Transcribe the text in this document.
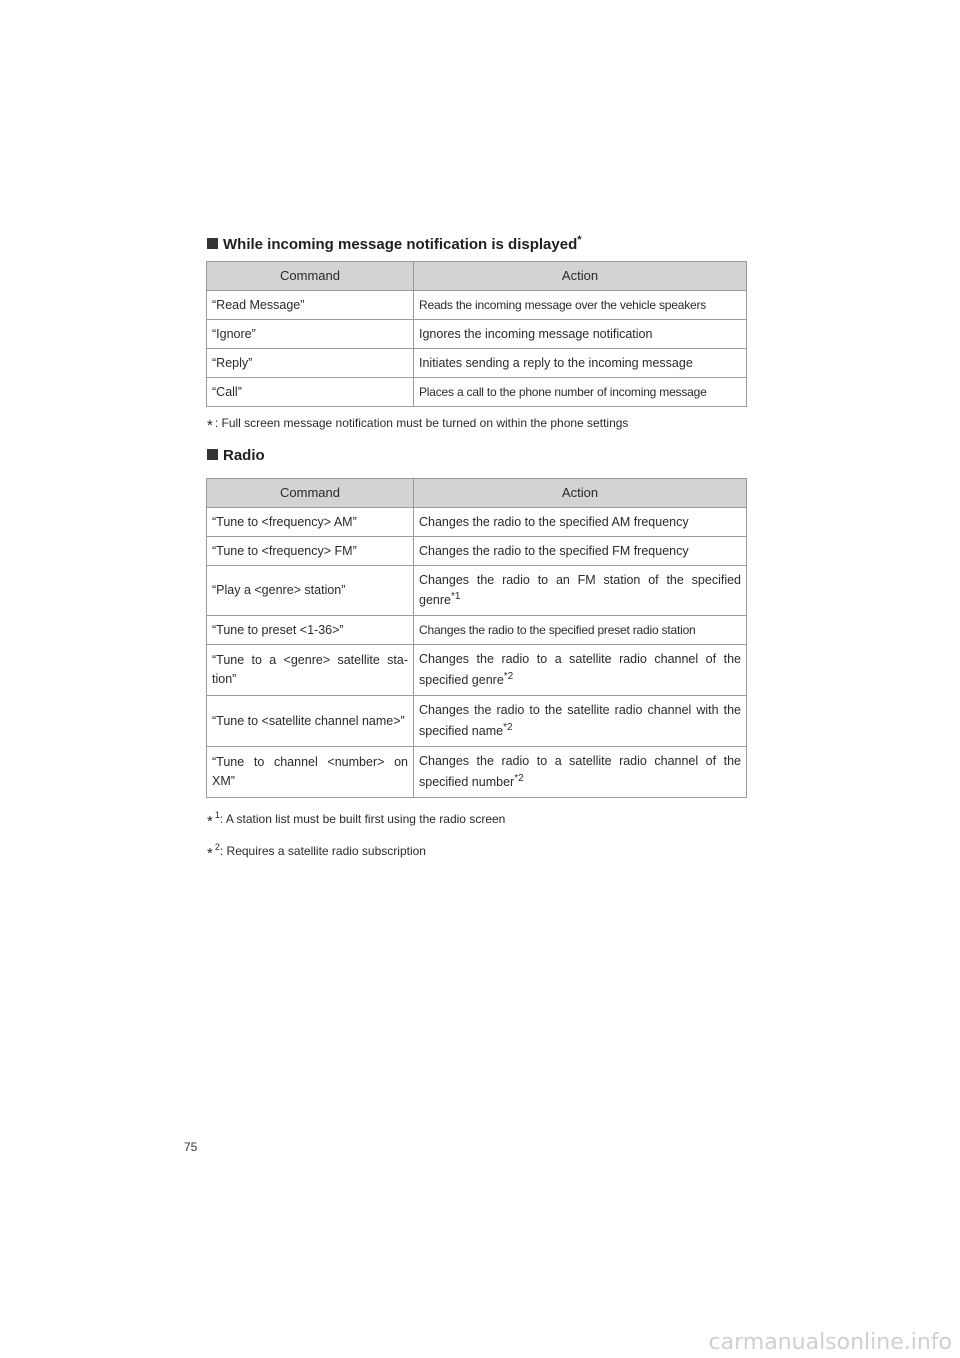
While incoming message notification is displayed*
Command	Action
“Read Message”	Reads the incoming message over the vehicle speakers
“Ignore”	Ignores the incoming message notification
“Reply”	Initiates sending a reply to the incoming message
“Call”	Places a call to the phone number of incoming message
* : Full screen message notification must be turned on within the phone settings
Radio
Command	Action
“Tune to <frequency> AM”	Changes the radio to the specified AM frequency
“Tune to <frequency> FM”	Changes the radio to the specified FM frequency
“Play a <genre> station”	Changes the radio to an FM station of the specified genre$^{*1}$
“Tune to preset <1-36>”	Changes the radio to the specified preset radio station
“Tune to a <genre> satellite sta-tion”	Changes the radio to a satellite radio channel of the specified genre$^{*2}$
“Tune to <satellite channel name>”	Changes the radio to the satellite radio channel with the specified name$^{*2}$
“Tune to channel <number> on XM”	Changes the radio to a satellite radio channel of the specified number$^{*2}$
* $^1$: A station list must be built first using the radio screen
* $^2$: Requires a satellite radio subscription
75
carmanualsonline.info
